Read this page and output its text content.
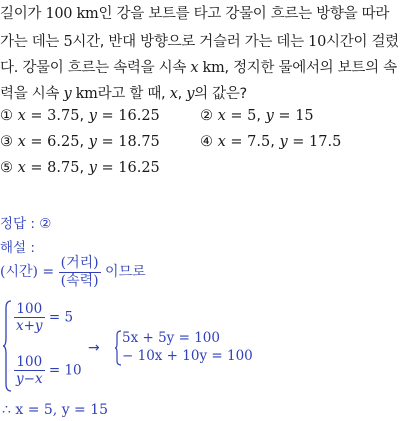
길이가 100 km인 강을 보트를 타고 강물이 흐르는 방향을 따라
가는 데는 5시간, 반대 방향으로 거슬러 가는 데는 10시간이 걸렸
다. 강물이 흐르는 속력을 시속 x km, 정지한 물에서의 보트의 속
력을 시속 y km라고 할 때, x, y의 값은?
① x = 3.75, y = 16.25	② x = 5, y = 15
③ x = 6.25, y = 18.75	④ x = 7.5, y = 17.5
⑤ x = 8.75, y = 16.25
정답 : ②
해설 :
(시간) = $\frac{\text{(거리)}}{\text{(속력)}}$ 이므로
$\frac{100}{x+y} = 5$
$\frac{100}{y-x} = 10$
→
5x + 5y = 100
− 10x + 10y = 100
∴ x = 5, y = 15
